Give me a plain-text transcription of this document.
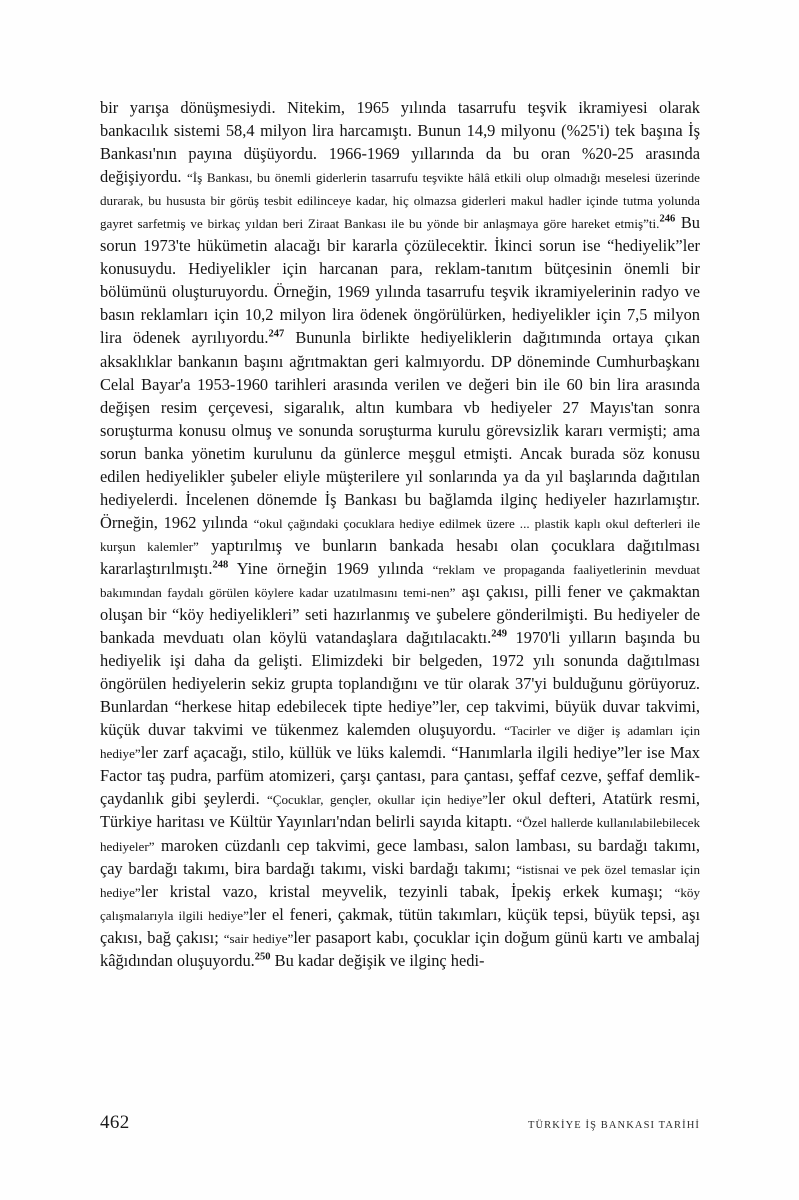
bir yarışa dönüşmesiydi. Nitekim, 1965 yılında tasarrufu teşvik ikramiyesi olarak bankacılık sistemi 58,4 milyon lira harcamıştı. Bunun 14,9 milyonu (%25'i) tek başına İş Bankası'nın payına düşüyordu. 1966-1969 yıllarında da bu oran %20-25 arasında değişiyordu. “İş Bankası, bu önemli giderlerin tasarrufu teşvikte hâlâ etkili olup olmadığı meselesi üzerinde durarak, bu hususta bir görüş tesbit edilinceye kadar, hiç olmazsa giderleri makul hadler içinde tutma yolunda gayret sarfetmiş ve birkaç yıldan beri Ziraat Bankası ile bu yönde bir anlaşmaya göre hareket etmiş”ti.$^{246}$ Bu sorun 1973'te hükümetin alacağı bir kararla çözülecektir. İkinci sorun ise “hediyelik”ler konusuydu. Hediyelikler için harcanan para, reklam-tanıtım bütçesinin önemli bir bölümünü oluşturuyordu. Örneğin, 1969 yılında tasarrufu teşvik ikramiyelerinin radyo ve basın reklamları için 10,2 milyon lira ödenek öngörülürken, hediyelikler için 7,5 milyon lira ödenek ayrılıyordu.$^{247}$ Bununla birlikte hediyeliklerin dağıtımında ortaya çıkan aksaklıklar bankanın başını ağrıtmaktan geri kalmıyordu. DP döneminde Cumhurbaşkanı Celal Bayar'a 1953-1960 tarihleri arasında verilen ve değeri bin ile 60 bin lira arasında değişen resim çerçevesi, sigaralık, altın kumbara vb hediyeler 27 Mayıs'tan sonra soruşturma konusu olmuş ve sonunda soruşturma kurulu görevsizlik kararı vermişti; ama sorun banka yönetim kurulunu da günlerce meşgul etmişti. Ancak burada söz konusu edilen hediyelikler şubeler eliyle müşterilere yıl sonlarında ya da yıl başlarında dağıtılan hediyelerdi. İncelenen dönemde İş Bankası bu bağlamda ilginç hediyeler hazırlamıştır. Örneğin, 1962 yılında “okul çağındaki çocuklara hediye edilmek üzere ... plastik kaplı okul defterleri ile kurşun kalemler” yaptırılmış ve bunların bankada hesabı olan çocuklara dağıtılması kararlaştırılmıştı.$^{248}$ Yine örneğin 1969 yılında “reklam ve propaganda faaliyetlerinin mevduat bakımından faydalı görülen köylere kadar uzatılmasını temi-nen” aşı çakısı, pilli fener ve çakmaktan oluşan bir “köy hediyelikleri” seti hazırlanmış ve şubelere gönderilmişti. Bu hediyeler de bankada mevduatı olan köylü vatandaşlara dağıtılacaktı.$^{249}$ 1970'li yılların başında bu hediyelik işi daha da gelişti. Elimizdeki bir belgeden, 1972 yılı sonunda dağıtılması öngörülen hediyelerin sekiz grupta toplandığını ve tür olarak 37'yi bulduğunu görüyoruz. Bunlardan “herkese hitap edebilecek tipte hediye”ler, cep takvimi, büyük duvar takvimi, küçük duvar takvimi ve tükenmez kalemden oluşuyordu. “Tacirler ve diğer iş adamları için hediye”ler zarf açacağı, stilo, küllük ve lüks kalemdi. “Hanımlarla ilgili hediye”ler ise Max Factor taş pudra, parfüm atomizeri, çarşı çantası, para çantası, şeffaf cezve, şeffaf demlik-çaydanlık gibi şeylerdi. “Çocuklar, gençler, okullar için hediye”ler okul defteri, Atatürk resmi, Türkiye haritası ve Kültür Yayınları'ndan belirli sayıda kitaptı. “Özel hallerde kullanılabilebilecek hediyeler” maroken cüzdanlı cep takvimi, gece lambası, salon lambası, su bardağı takımı, çay bardağı takımı, bira bardağı takımı, viski bardağı takımı; “istisnai ve pek özel temaslar için hediye”ler kristal vazo, kristal meyvelik, tezyinli tabak, İpekiş erkek kumaşı; “köy çalışmalarıyla ilgili hediye”ler el feneri, çakmak, tütün takımları, küçük tepsi, büyük tepsi, aşı çakısı, bağ çakısı; “sair hediye”ler pasaport kabı, çocuklar için doğum günü kartı ve ambalaj kâğıdından oluşuyordu.$^{250}$ Bu kadar değişik ve ilginç hedi-

462	TÜRKİYE İŞ BANKASI TARİHİ
